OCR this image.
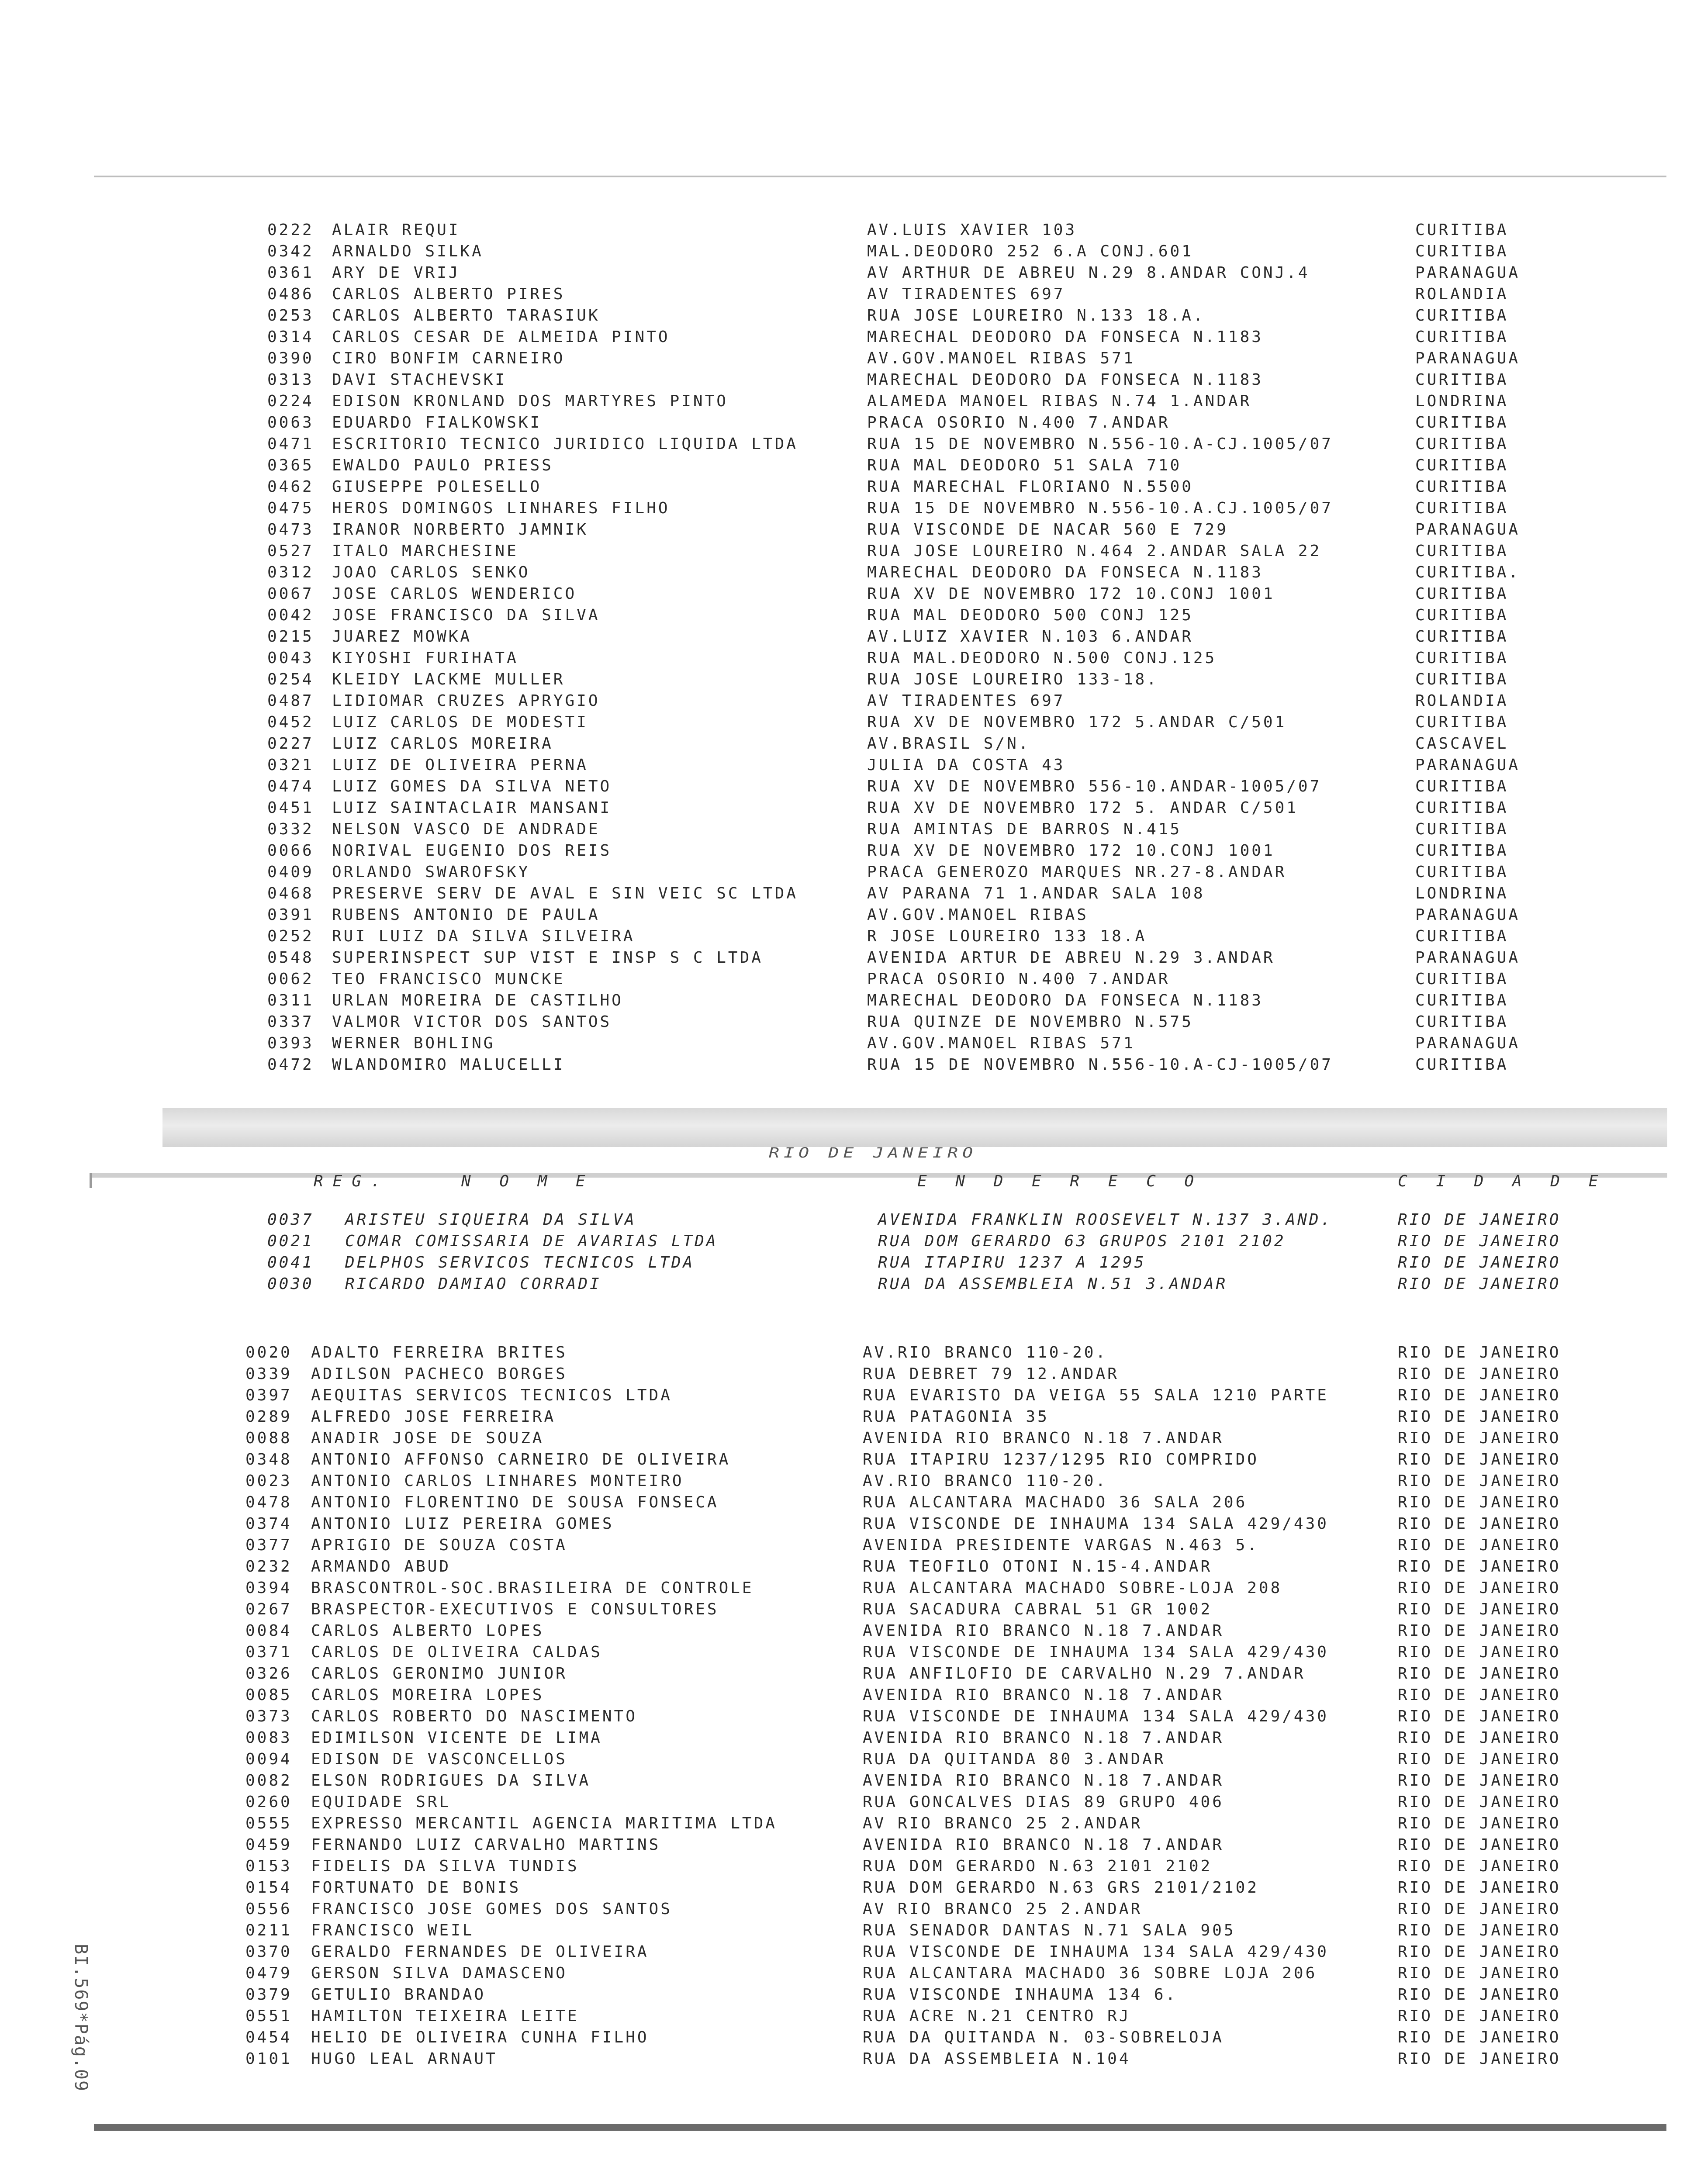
0222 ALAIR REQUI	AV.LUIS XAVIER 103	CURITIBA
0342 ARNALDO SILKA	MAL.DEODORO 252 6.A CONJ.601	CURITIBA
0361 ARY DE VRIJ	AV ARTHUR DE ABREU N.29 8.ANDAR CONJ.4	PARANAGUA
0486 CARLOS ALBERTO PIRES	AV TIRADENTES 697	ROLANDIA
0253 CARLOS ALBERTO TARASIUK	RUA JOSE LOUREIRO N.133 18.A.	CURITIBA
0314 CARLOS CESAR DE ALMEIDA PINTO	MARECHAL DEODORO DA FONSECA N.1183	CURITIBA
0390 CIRO BONFIM CARNEIRO	AV.GOV.MANOEL RIBAS 571	PARANAGUA
0313 DAVI STACHEVSKI	MARECHAL DEODORO DA FONSECA N.1183	CURITIBA
0224 EDISON KRONLAND DOS MARTYRES PINTO	ALAMEDA MANOEL RIBAS N.74 1.ANDAR	LONDRINA
0063 EDUARDO FIALKOWSKI	PRACA OSORIO N.400 7.ANDAR	CURITIBA
0471 ESCRITORIO TECNICO JURIDICO LIQUIDA LTDA	RUA 15 DE NOVEMBRO N.556-10.A-CJ.1005/07	CURITIBA
0365 EWALDO PAULO PRIESS	RUA MAL DEODORO 51 SALA 710	CURITIBA
0462 GIUSEPPE POLESELLO	RUA MARECHAL FLORIANO N.5500	CURITIBA
0475 HEROS DOMINGOS LINHARES FILHO	RUA 15 DE NOVEMBRO N.556-10.A.CJ.1005/07	CURITIBA
0473 IRANOR NORBERTO JAMNIK	RUA VISCONDE DE NACAR 560 E 729	PARANAGUA
0527 ITALO MARCHESINE	RUA JOSE LOUREIRO N.464 2.ANDAR SALA 22	CURITIBA
0312 JOAO CARLOS SENKO	MARECHAL DEODORO DA FONSECA N.1183	CURITIBA.
0067 JOSE CARLOS WENDERICO	RUA XV DE NOVEMBRO 172 10.CONJ 1001	CURITIBA
0042 JOSE FRANCISCO DA SILVA	RUA MAL DEODORO 500 CONJ 125	CURITIBA
0215 JUAREZ MOWKA	AV.LUIZ XAVIER N.103 6.ANDAR	CURITIBA
0043 KIYOSHI FURIHATA	RUA MAL.DEODORO N.500 CONJ.125	CURITIBA
0254 KLEIDY LACKME MULLER	RUA JOSE LOUREIRO 133-18.	CURITIBA
0487 LIDIOMAR CRUZES APRYGIO	AV TIRADENTES 697	ROLANDIA
0452 LUIZ CARLOS DE MODESTI	RUA XV DE NOVEMBRO 172 5.ANDAR C/501	CURITIBA
0227 LUIZ CARLOS MOREIRA	AV.BRASIL S/N.	CASCAVEL
0321 LUIZ DE OLIVEIRA PERNA	JULIA DA COSTA 43	PARANAGUA
0474 LUIZ GOMES DA SILVA NETO	RUA XV DE NOVEMBRO 556-10.ANDAR-1005/07	CURITIBA
0451 LUIZ SAINTACLAIR MANSANI	RUA XV DE NOVEMBRO 172 5. ANDAR C/501	CURITIBA
0332 NELSON VASCO DE ANDRADE	RUA AMINTAS DE BARROS N.415	CURITIBA
0066 NORIVAL EUGENIO DOS REIS	RUA XV DE NOVEMBRO 172 10.CONJ 1001	CURITIBA
0409 ORLANDO SWAROFSKY	PRACA GENEROZO MARQUES NR.27-8.ANDAR	CURITIBA
0468 PRESERVE SERV DE AVAL E SIN VEIC SC LTDA	AV PARANA 71 1.ANDAR SALA 108	LONDRINA
0391 RUBENS ANTONIO DE PAULA	AV.GOV.MANOEL RIBAS	PARANAGUA
0252 RUI LUIZ DA SILVA SILVEIRA	R JOSE LOUREIRO 133 18.A	CURITIBA
0548 SUPERINSPECT SUP VIST E INSP S C LTDA	AVENIDA ARTUR DE ABREU N.29 3.ANDAR	PARANAGUA
0062 TEO FRANCISCO MUNCKE	PRACA OSORIO N.400 7.ANDAR	CURITIBA
0311 URLAN MOREIRA DE CASTILHO	MARECHAL DEODORO DA FONSECA N.1183	CURITIBA
0337 VALMOR VICTOR DOS SANTOS	RUA QUINZE DE NOVEMBRO N.575	CURITIBA
0393 WERNER BOHLING	AV.GOV.MANOEL RIBAS 571	PARANAGUA
0472 WLANDOMIRO MALUCELLI	RUA 15 DE NOVEMBRO N.556-10.A-CJ-1005/07	CURITIBA
RIO DE JANEIRO
REG.	N O M E	E N D E R E C O	C I D A D E
0037 ARISTEU SIQUEIRA DA SILVA	AVENIDA FRANKLIN ROOSEVELT N.137 3.AND.	RIO DE JANEIRO
0021 COMAR COMISSARIA DE AVARIAS LTDA	RUA DOM GERARDO 63 GRUPOS 2101 2102	RIO DE JANEIRO
0041 DELPHOS SERVICOS TECNICOS LTDA	RUA ITAPIRU 1237 A 1295	RIO DE JANEIRO
0030 RICARDO DAMIAO CORRADI	RUA DA ASSEMBLEIA N.51 3.ANDAR	RIO DE JANEIRO
0020 ADALTO FERREIRA BRITES	AV.RIO BRANCO 110-20.	RIO DE JANEIRO
0339 ADILSON PACHECO BORGES	RUA DEBRET 79 12.ANDAR	RIO DE JANEIRO
0397 AEQUITAS SERVICOS TECNICOS LTDA	RUA EVARISTO DA VEIGA 55 SALA 1210 PARTE	RIO DE JANEIRO
0289 ALFREDO JOSE FERREIRA	RUA PATAGONIA 35	RIO DE JANEIRO
0088 ANADIR JOSE DE SOUZA	AVENIDA RIO BRANCO N.18 7.ANDAR	RIO DE JANEIRO
0348 ANTONIO AFFONSO CARNEIRO DE OLIVEIRA	RUA ITAPIRU 1237/1295 RIO COMPRIDO	RIO DE JANEIRO
0023 ANTONIO CARLOS LINHARES MONTEIRO	AV.RIO BRANCO 110-20.	RIO DE JANEIRO
0478 ANTONIO FLORENTINO DE SOUSA FONSECA	RUA ALCANTARA MACHADO 36 SALA 206	RIO DE JANEIRO
0374 ANTONIO LUIZ PEREIRA GOMES	RUA VISCONDE DE INHAUMA 134 SALA 429/430	RIO DE JANEIRO
0377 APRIGIO DE SOUZA COSTA	AVENIDA PRESIDENTE VARGAS N.463 5.	RIO DE JANEIRO
0232 ARMANDO ABUD	RUA TEOFILO OTONI N.15-4.ANDAR	RIO DE JANEIRO
0394 BRASCONTROL-SOC.BRASILEIRA DE CONTROLE	RUA ALCANTARA MACHADO SOBRE-LOJA 208	RIO DE JANEIRO
0267 BRASPECTOR-EXECUTIVOS E CONSULTORES	RUA SACADURA CABRAL 51 GR 1002	RIO DE JANEIRO
0084 CARLOS ALBERTO LOPES	AVENIDA RIO BRANCO N.18 7.ANDAR	RIO DE JANEIRO
0371 CARLOS DE OLIVEIRA CALDAS	RUA VISCONDE DE INHAUMA 134 SALA 429/430	RIO DE JANEIRO
0326 CARLOS GERONIMO JUNIOR	RUA ANFILOFIO DE CARVALHO N.29 7.ANDAR	RIO DE JANEIRO
0085 CARLOS MOREIRA LOPES	AVENIDA RIO BRANCO N.18 7.ANDAR	RIO DE JANEIRO
0373 CARLOS ROBERTO DO NASCIMENTO	RUA VISCONDE DE INHAUMA 134 SALA 429/430	RIO DE JANEIRO
0083 EDIMILSON VICENTE DE LIMA	AVENIDA RIO BRANCO N.18 7.ANDAR	RIO DE JANEIRO
0094 EDISON DE VASCONCELLOS	RUA DA QUITANDA 80 3.ANDAR	RIO DE JANEIRO
0082 ELSON RODRIGUES DA SILVA	AVENIDA RIO BRANCO N.18 7.ANDAR	RIO DE JANEIRO
0260 EQUIDADE SRL	RUA GONCALVES DIAS 89 GRUPO 406	RIO DE JANEIRO
0555 EXPRESSO MERCANTIL AGENCIA MARITIMA LTDA	AV RIO BRANCO 25 2.ANDAR	RIO DE JANEIRO
0459 FERNANDO LUIZ CARVALHO MARTINS	AVENIDA RIO BRANCO N.18 7.ANDAR	RIO DE JANEIRO
0153 FIDELIS DA SILVA TUNDIS	RUA DOM GERARDO N.63 2101 2102	RIO DE JANEIRO
0154 FORTUNATO DE BONIS	RUA DOM GERARDO N.63 GRS 2101/2102	RIO DE JANEIRO
0556 FRANCISCO JOSE GOMES DOS SANTOS	AV RIO BRANCO 25 2.ANDAR	RIO DE JANEIRO
0211 FRANCISCO WEIL	RUA SENADOR DANTAS N.71 SALA 905	RIO DE JANEIRO
0370 GERALDO FERNANDES DE OLIVEIRA	RUA VISCONDE DE INHAUMA 134 SALA 429/430	RIO DE JANEIRO
0479 GERSON SILVA DAMASCENO	RUA ALCANTARA MACHADO 36 SOBRE LOJA 206	RIO DE JANEIRO
0379 GETULIO BRANDAO	RUA VISCONDE INHAUMA 134 6.	RIO DE JANEIRO
0551 HAMILTON TEIXEIRA LEITE	RUA ACRE N.21 CENTRO RJ	RIO DE JANEIRO
0454 HELIO DE OLIVEIRA CUNHA FILHO	RUA DA QUITANDA N. 03-SOBRELOJA	RIO DE JANEIRO
0101 HUGO LEAL ARNAUT	RUA DA ASSEMBLEIA N.104	RIO DE JANEIRO
BI.569*Pág.09
